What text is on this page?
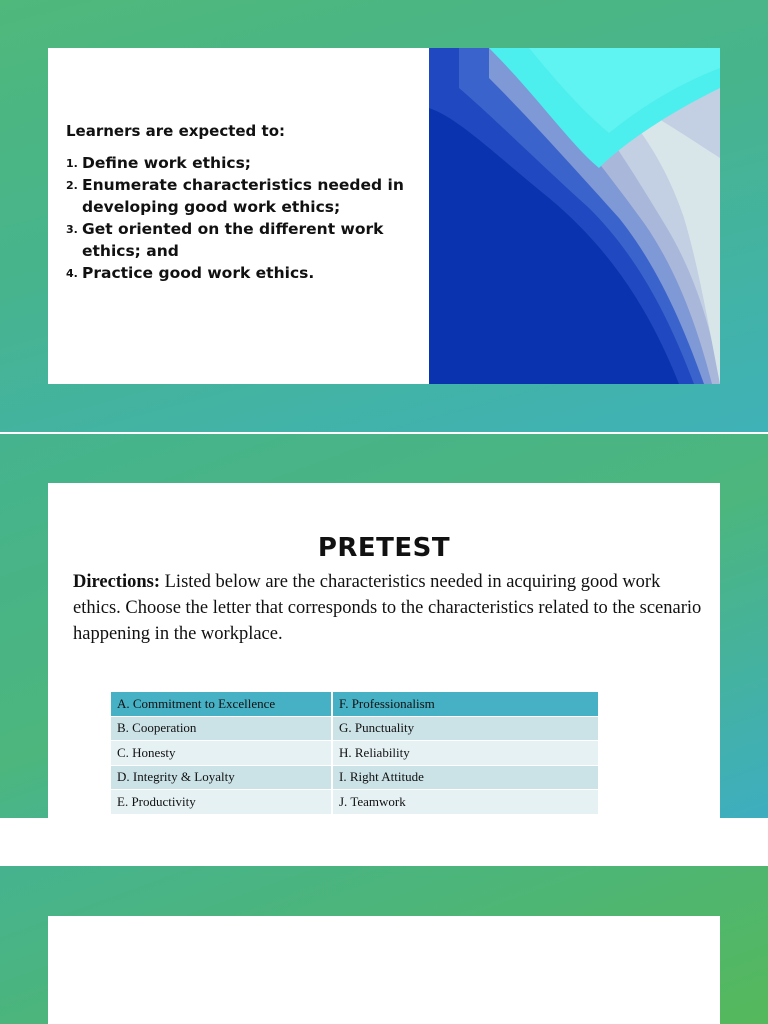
Learners are expected to:

1. Define work ethics;
2. Enumerate characteristics needed in developing good work ethics;
3. Get oriented on the different work ethics; and
4. Practice good work ethics.
PRETEST
Directions: Listed below are the characteristics needed in acquiring good work ethics. Choose the letter that corresponds to the characteristics related to the scenario happening in the workplace.
A. Commitment to Excellence	F. Professionalism
B. Cooperation	G. Punctuality
C. Honesty	H. Reliability
D. Integrity & Loyalty	I. Right Attitude
E. Productivity	J. Teamwork
